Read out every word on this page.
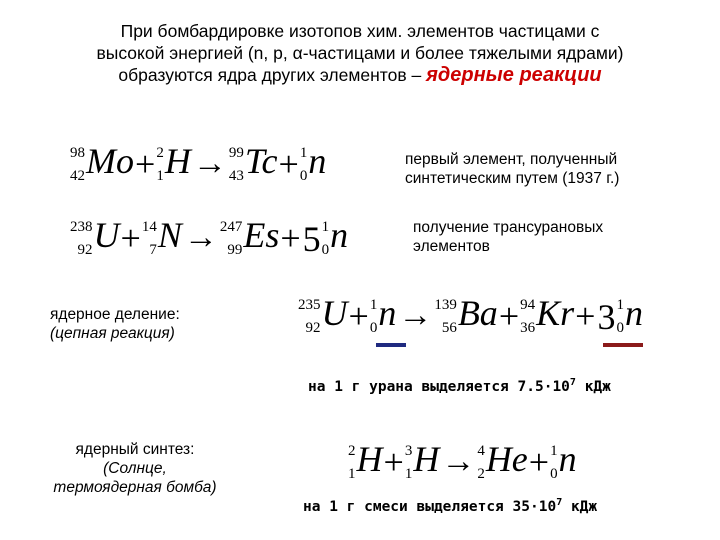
При бомбардировке изотопов хим. элементов частицами с
высокой энергией (n, p, α-частицами и более тяжелыми ядрами)
образуются ядра других элементов – ядерные реакции
98
42 Mo+ 2
1 H→ 99
43 Tc+ 1
0 n	первый элемент, полученный
синтетическим путем (1937 г.)
238
92 U+ 14
7 N→ 247
99 Es+5 1
0 n	получение трансурановых
элементов
ядерное деление:
(цепная реакция)
235
92 U+ 1
0 n→ 139
56 Ba+ 94
36 Kr+3 1
0 n
на 1 г урана выделяется $7.5\cdot 10^7$ кДж
ядерный синтез:
(Солнце,
термоядерная бомба)
2
1 H+ 3
1 H→ 4
2 He+ 1
0 n
на 1 г смеси выделяется $35\cdot 10^7$ кДж
